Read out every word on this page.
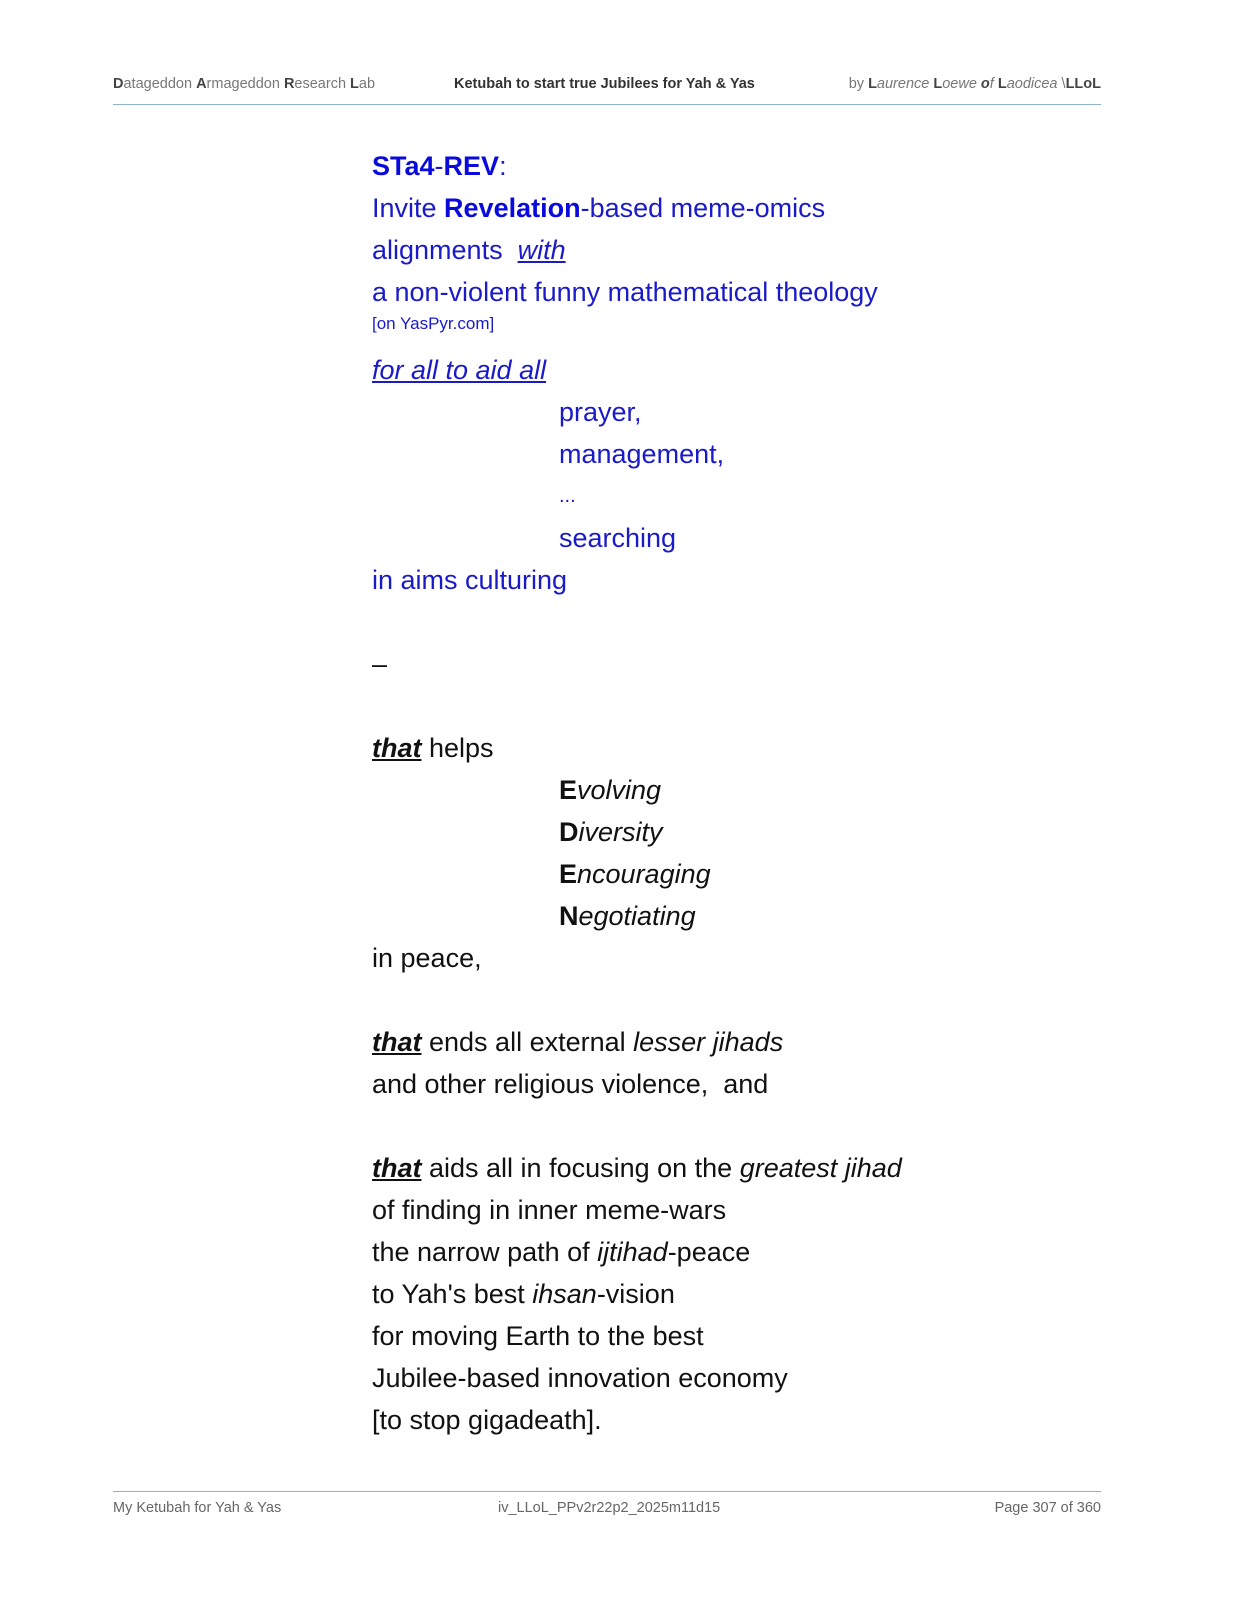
Datageddon Armageddon Research Lab	Ketubah to start true Jubilees for Yah & Yas	by Laurence Loewe of Laodicea \LLoL
STa4-REV:
Invite Revelation-based meme-omics
alignments  with
a non-violent funny mathematical theology
[on YasPyr.com]
for all to aid all
prayer,
management,
...
searching
in aims culturing
–
that helps
Evolving
Diversity
Encouraging
Negotiating
in peace,
that ends all external lesser jihads
and other religious violence,  and
that aids all in focusing on the greatest jihad
of finding in inner meme-wars
the narrow path of ijtihad-peace
to Yah's best ihsan-vision
for moving Earth to the best
Jubilee-based innovation economy
[to stop gigadeath].
My Ketubah for Yah & Yas	iv_LLoL_PPv2r22p2_2025m11d15	Page 307 of 360
